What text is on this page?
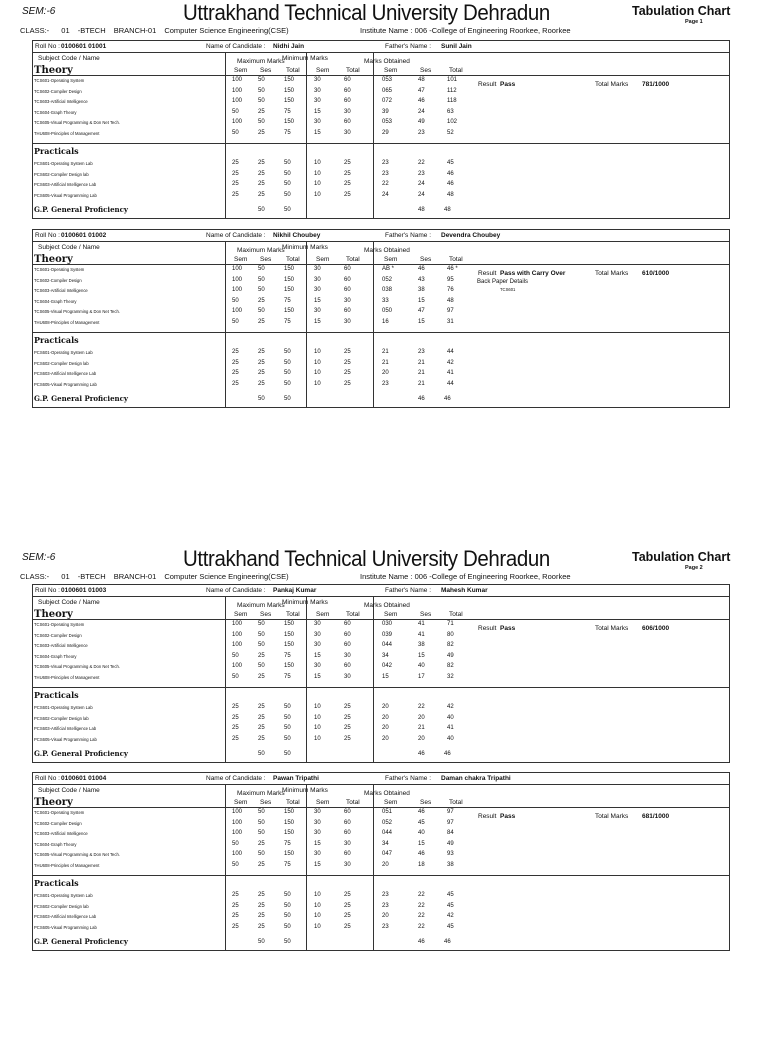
SEM:-6	Uttrakhand Technical University Dehradun	Tabulation Chart
Page 1
CLASS:- 01 -BTECH BRANCH-01 Computer Science Engineering(CSE)	Institute Name : 006 -College of Engineering Roorkee, Roorkee
Roll No : 0100601 01001	Name of Candidate : Nidhi Jain	Father's Name : Sunil Jain
Subject Code / Name
Theory
Maximum Marks
Minimum Marks	Marks Obtained
Sem Ses Total	Sem	Total	Sem	Ses	Total
TCS601-Operating System	100	50	150	30	60	053	48	101
TCS602-Compiler Design	100	50	150	30	60	065	47	112
TCS603-Artificial Intelligence	100	50	150	30	60	072	46	118
TCS604-Graph Theory	50	25	75	15	30	39	24	63
TCS605-Visual Programming & Don Net Tech.	100	50	150	30	60	053	49	102
THU608-Principles of Management	50	25	75	15	30	29	23	52
Result Pass	Total Marks 781/1000
Practicals
PCS601-Operating System Lab	25	25	50	10	25	23	22	45
PCS602-Compiler Design lab	25	25	50	10	25	23	23	46
PCS603-Artificial Intelligence Lab	25	25	50	10	25	22	24	46
PCS605-Visual Programming Lab	25	25	50	10	25	24	24	48
G.P. General Proficiency	50	50	48	48
Roll No : 0100601 01002	Name of Candidate : Nikhil Choubey	Father's Name : Devendra Choubey
Subject Code / Name
Theory
Maximum Marks
Minimum Marks	Marks Obtained
Sem Ses Total	Sem	Total	Sem	Ses	Total
TCS601-Operating System	100	50	150	30	60	AB *	46	46 *
TCS602-Compiler Design	100	50	150	30	60	052	43	95
TCS603-Artificial Intelligence	100	50	150	30	60	038	38	76
TCS604-Graph Theory	50	25	75	15	30	33	15	48
TCS605-Visual Programming & Don Net Tech.	100	50	150	30	60	050	47	97
THU608-Principles of Management	50	25	75	15	30	16	15	31
Result Pass with Carry Over	Total Marks 610/1000
Practicals
PCS601-Operating System Lab	25	25	50	10	25	21	23	44
PCS602-Compiler Design lab	25	25	50	10	25	21	21	42
PCS603-Artificial Intelligence Lab	25	25	50	10	25	20	21	41
PCS605-Visual Programming Lab	25	25	50	10	25	23	21	44
G.P. General Proficiency	50	50	46	46
Back Paper Details
TCS601
SEM:-6	Uttrakhand Technical University Dehradun	Tabulation Chart
Page 2
CLASS:- 01 -BTECH BRANCH-01 Computer Science Engineering(CSE)	Institute Name : 006 -College of Engineering Roorkee, Roorkee
Roll No : 0100601 01003	Name of Candidate : Pankaj Kumar	Father's Name : Mahesh Kumar
Subject Code / Name
Theory
Maximum Marks
Minimum Marks	Marks Obtained
Sem Ses Total	Sem	Total	Sem	Ses	Total
TCS601-Operating System	100	50	150	30	60	030	41	71
TCS602-Compiler Design	100	50	150	30	60	039	41	80
TCS603-Artificial Intelligence	100	50	150	30	60	044	38	82
TCS604-Graph Theory	50	25	75	15	30	34	15	49
TCS605-Visual Programming & Don Net Tech.	100	50	150	30	60	042	40	82
THU608-Principles of Management	50	25	75	15	30	15	17	32
Result Pass	Total Marks 606/1000
Practicals
PCS601-Operating System Lab	25	25	50	10	25	20	22	42
PCS602-Compiler Design lab	25	25	50	10	25	20	20	40
PCS603-Artificial Intelligence Lab	25	25	50	10	25	20	21	41
PCS605-Visual Programming Lab	25	25	50	10	25	20	20	40
G.P. General Proficiency	50	50	46	46
Roll No : 0100601 01004	Name of Candidate : Pawan Tripathi	Father's Name : Daman chakra Tripathi
Subject Code / Name
Theory
Maximum Marks
Minimum Marks	Marks Obtained
Sem Ses Total	Sem	Total	Sem	Ses	Total
TCS601-Operating System	100	50	150	30	60	051	46	97
TCS602-Compiler Design	100	50	150	30	60	052	45	97
TCS603-Artificial Intelligence	100	50	150	30	60	044	40	84
TCS604-Graph Theory	50	25	75	15	30	34	15	49
TCS605-Visual Programming & Don Net Tech.	100	50	150	30	60	047	46	93
THU608-Principles of Management	50	25	75	15	30	20	18	38
Result Pass	Total Marks 681/1000
Practicals
PCS601-Operating System Lab	25	25	50	10	25	23	22	45
PCS602-Compiler Design lab	25	25	50	10	25	23	22	45
PCS603-Artificial Intelligence Lab	25	25	50	10	25	20	22	42
PCS605-Visual Programming Lab	25	25	50	10	25	23	22	45
G.P. General Proficiency	50	50	46	46
